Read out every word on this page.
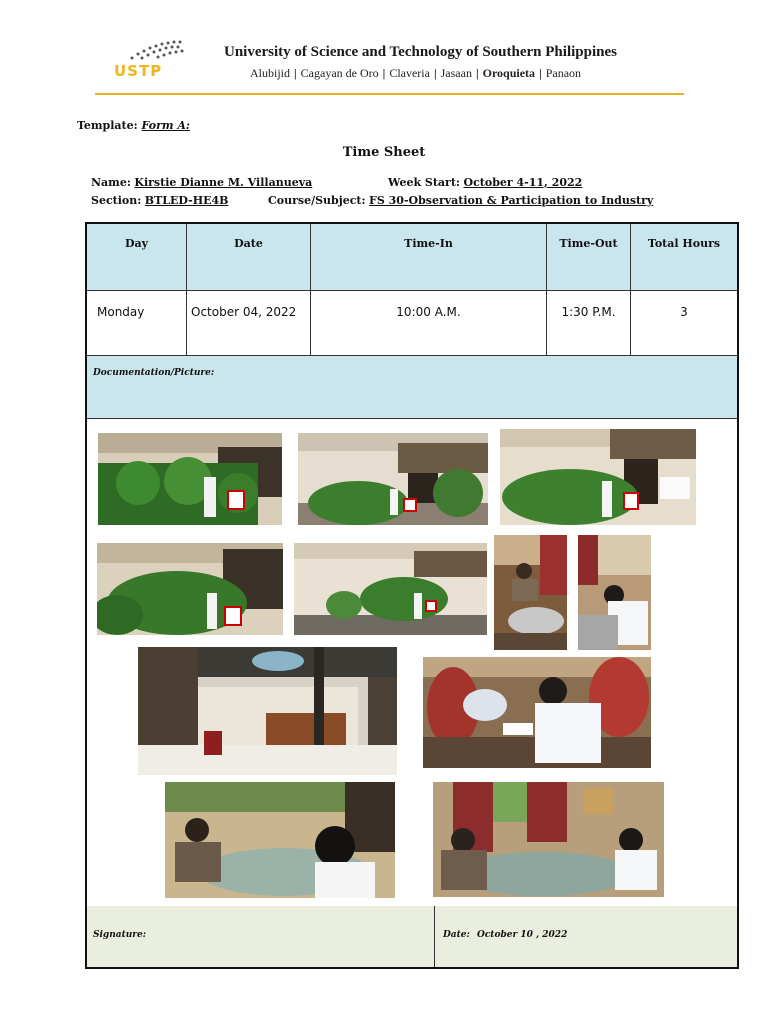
USTP
University of Science and Technology of Southern Philippines
Alubijid | Cagayan de Oro | Claveria | Jasaan | Oroquieta | Panaon
Template: Form A:
Time Sheet
Name: Kirstie Dianne M. Villanueva	Week Start: October 4-11, 2022
Section: BTLED-HE4B	Course/Subject: FS 30-Observation & Participation to Industry
Day	Date	Time-In	Time-Out	Total Hours
Monday	October 04, 2022	10:00 A.M.	1:30 P.M.	3
Documentation/Picture:
Signature:	Date: October 10 , 2022
